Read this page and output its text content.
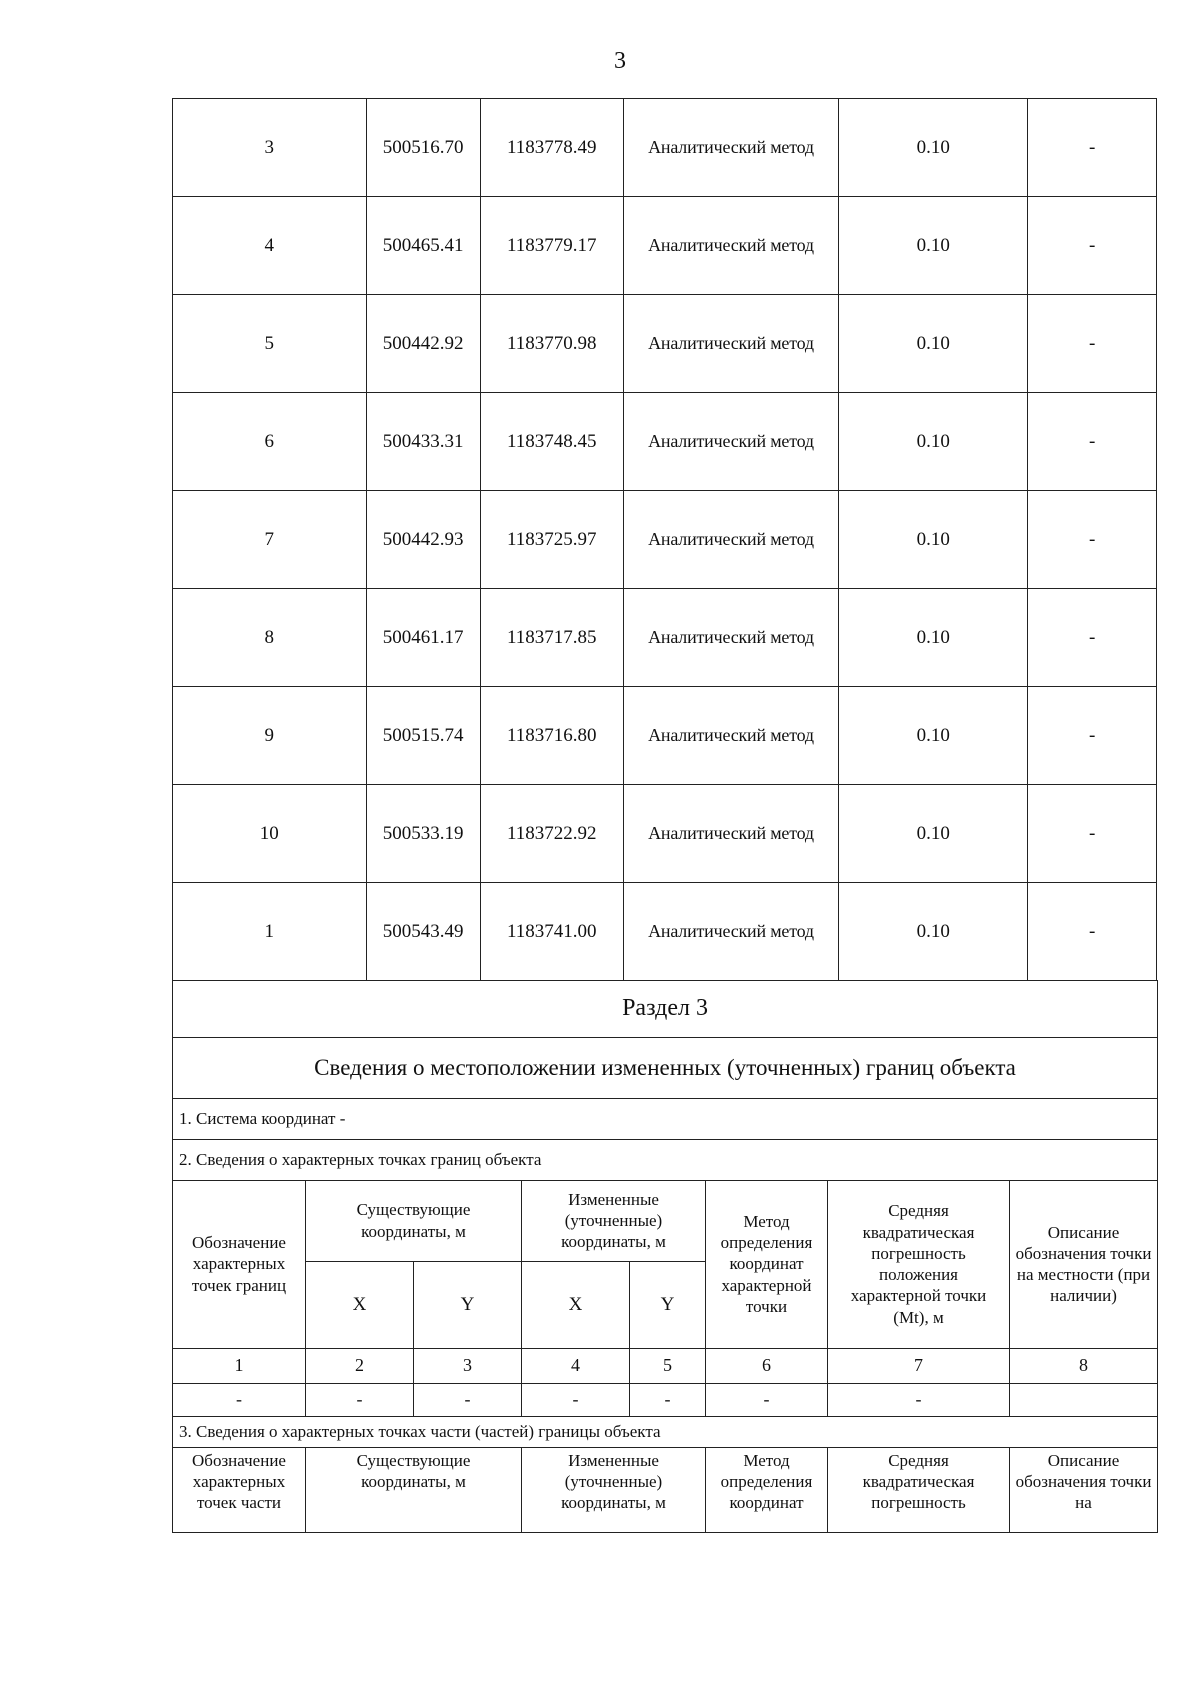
3
3	500516.70	1183778.49	Аналитический метод	0.10	-
4	500465.41	1183779.17	Аналитический метод	0.10	-
5	500442.92	1183770.98	Аналитический метод	0.10	-
6	500433.31	1183748.45	Аналитический метод	0.10	-
7	500442.93	1183725.97	Аналитический метод	0.10	-
8	500461.17	1183717.85	Аналитический метод	0.10	-
9	500515.74	1183716.80	Аналитический метод	0.10	-
10	500533.19	1183722.92	Аналитический метод	0.10	-
1	500543.49	1183741.00	Аналитический метод	0.10	-
Раздел 3							
Сведения о местоположении измененных (уточненных) границ объекта							
1. Система координат -							
2. Сведения о характерных точках границ объекта							
Обозначение характерных точек границ	Существующие координаты, м		Измененные (уточненные) координаты, м		Метод определения координат характерной точки	Средняя квадратическая погрешность положения характерной точки (Mt), м	Описание обозначения точки на местности (при наличии)
	X	Y	X	Y			
1	2	3	4	5	6	7	8
-	-	-	-	-	-	-	
3. Сведения о характерных точках части (частей) границы объекта							
Обозначение характерных точек части	Существующие координаты, м		Измененные (уточненные) координаты, м		Метод определения координат	Средняя квадратическая погрешность	Описание обозначения точки на
